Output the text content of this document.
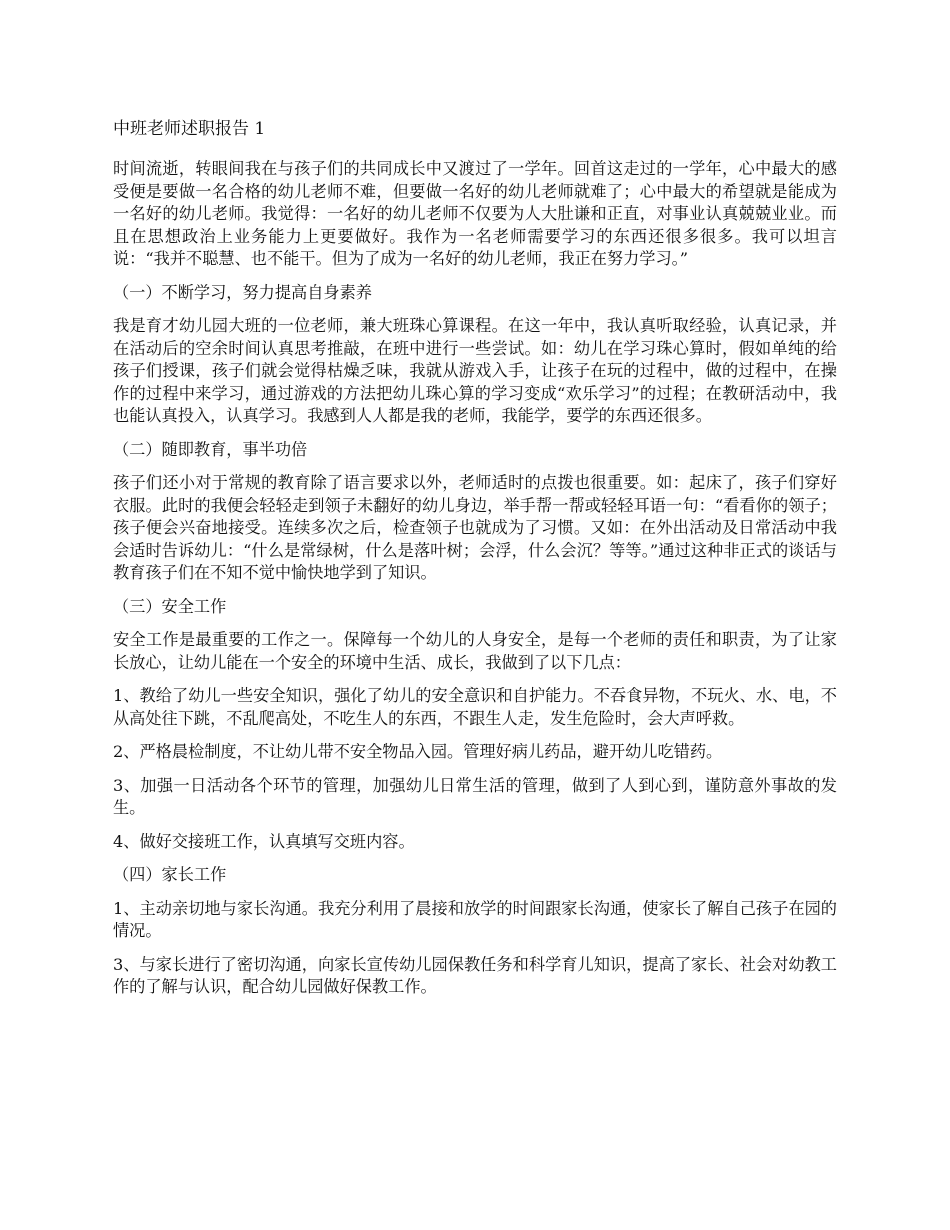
中班老师述职报告 1
时间流逝，转眼间我在与孩子们的共同成长中又渡过了一学年。回首这走过的一学年，心中最大的感受便是要做一名合格的幼儿老师不难，但要做一名好的幼儿老师就难了；心中最大的希望就是能成为一名好的幼儿老师。我觉得：一名好的幼儿老师不仅要为人大肚谦和正直，对事业认真兢兢业业。而且在思想政治上业务能力上更要做好。我作为一名老师需要学习的东西还很多很多。我可以坦言说：“我并不聪慧、也不能干。但为了成为一名好的幼儿老师，我正在努力学习。”
（一）不断学习，努力提高自身素养
我是育才幼儿园大班的一位老师，兼大班珠心算课程。在这一年中，我认真听取经验，认真记录，并在活动后的空余时间认真思考推敲，在班中进行一些尝试。如：幼儿在学习珠心算时，假如单纯的给孩子们授课，孩子们就会觉得枯燥乏味，我就从游戏入手，让孩子在玩的过程中，做的过程中，在操作的过程中来学习，通过游戏的方法把幼儿珠心算的学习变成“欢乐学习”的过程；在教研活动中，我也能认真投入，认真学习。我感到人人都是我的老师，我能学，要学的东西还很多。
（二）随即教育，事半功倍
孩子们还小对于常规的教育除了语言要求以外，老师适时的点拨也很重要。如：起床了，孩子们穿好衣服。此时的我便会轻轻走到领子未翻好的幼儿身边，举手帮一帮或轻轻耳语一句：“看看你的领子；孩子便会兴奋地接受。连续多次之后，检查领子也就成为了习惯。又如：在外出活动及日常活动中我会适时告诉幼儿：“什么是常绿树，什么是落叶树；会浮，什么会沉？等等。”通过这种非正式的谈话与教育孩子们在不知不觉中愉快地学到了知识。
（三）安全工作
安全工作是最重要的工作之一。保障每一个幼儿的人身安全，是每一个老师的责任和职责，为了让家长放心，让幼儿能在一个安全的环境中生活、成长，我做到了以下几点：
1、教给了幼儿一些安全知识，强化了幼儿的安全意识和自护能力。不吞食异物，不玩火、水、电，不从高处往下跳，不乱爬高处，不吃生人的东西，不跟生人走，发生危险时，会大声呼救。
2、严格晨检制度，不让幼儿带不安全物品入园。管理好病儿药品，避开幼儿吃错药。
3、加强一日活动各个环节的管理，加强幼儿日常生活的管理，做到了人到心到，谨防意外事故的发生。
4、做好交接班工作，认真填写交班内容。
（四）家长工作
1、主动亲切地与家长沟通。我充分利用了晨接和放学的时间跟家长沟通，使家长了解自己孩子在园的情况。
3、与家长进行了密切沟通，向家长宣传幼儿园保教任务和科学育儿知识，提高了家长、社会对幼教工作的了解与认识，配合幼儿园做好保教工作。
